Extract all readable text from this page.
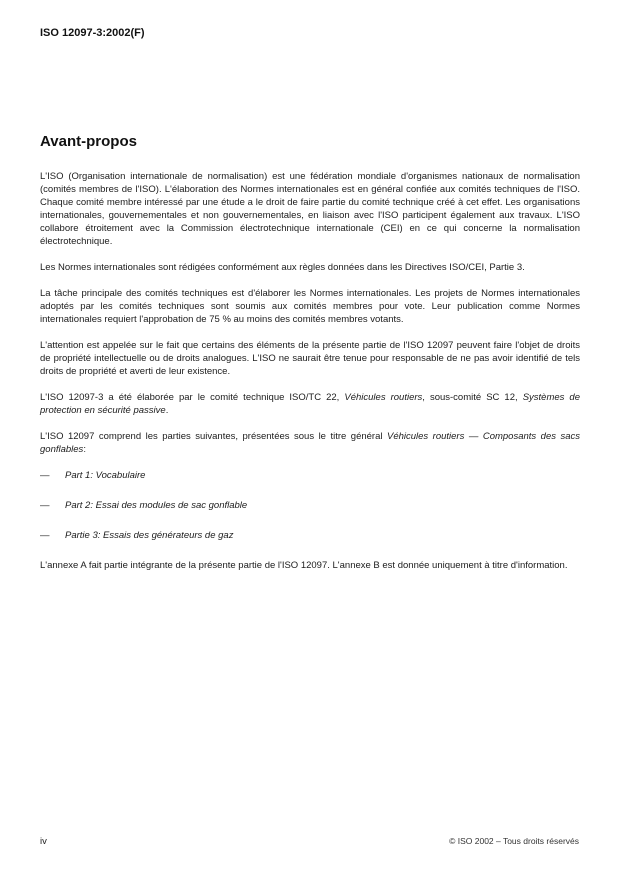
ISO 12097-3:2002(F)
Avant-propos

L'ISO (Organisation internationale de normalisation) est une fédération mondiale d'organismes nationaux de normalisation (comités membres de l'ISO). L'élaboration des Normes internationales est en général confiée aux comités techniques de l'ISO. Chaque comité membre intéressé par une étude a le droit de faire partie du comité technique créé à cet effet. Les organisations internationales, gouvernementales et non gouvernementales, en liaison avec l'ISO participent également aux travaux. L'ISO collabore étroitement avec la Commission électrotechnique internationale (CEI) en ce qui concerne la normalisation électrotechnique.

Les Normes internationales sont rédigées conformément aux règles données dans les Directives ISO/CEI, Partie 3.

La tâche principale des comités techniques est d'élaborer les Normes internationales. Les projets de Normes internationales adoptés par les comités techniques sont soumis aux comités membres pour vote. Leur publication comme Normes internationales requiert l'approbation de 75 % au moins des comités membres votants.

L'attention est appelée sur le fait que certains des éléments de la présente partie de l'ISO 12097 peuvent faire l'objet de droits de propriété intellectuelle ou de droits analogues. L'ISO ne saurait être tenue pour responsable de ne pas avoir identifié de tels droits de propriété et averti de leur existence.

L'ISO 12097-3 a été élaborée par le comité technique ISO/TC 22, Véhicules routiers, sous-comité SC 12, Systèmes de protection en sécurité passive.

L'ISO 12097 comprend les parties suivantes, présentées sous le titre général Véhicules routiers — Composants des sacs gonflables:

—	Part 1: Vocabulaire
—	Part 2: Essai des modules de sac gonflable
—	Partie 3: Essais des générateurs de gaz

L'annexe A fait partie intégrante de la présente partie de l'ISO 12097. L'annexe B est donnée uniquement à titre d'information.

iv	© ISO 2002 – Tous droits réservés
